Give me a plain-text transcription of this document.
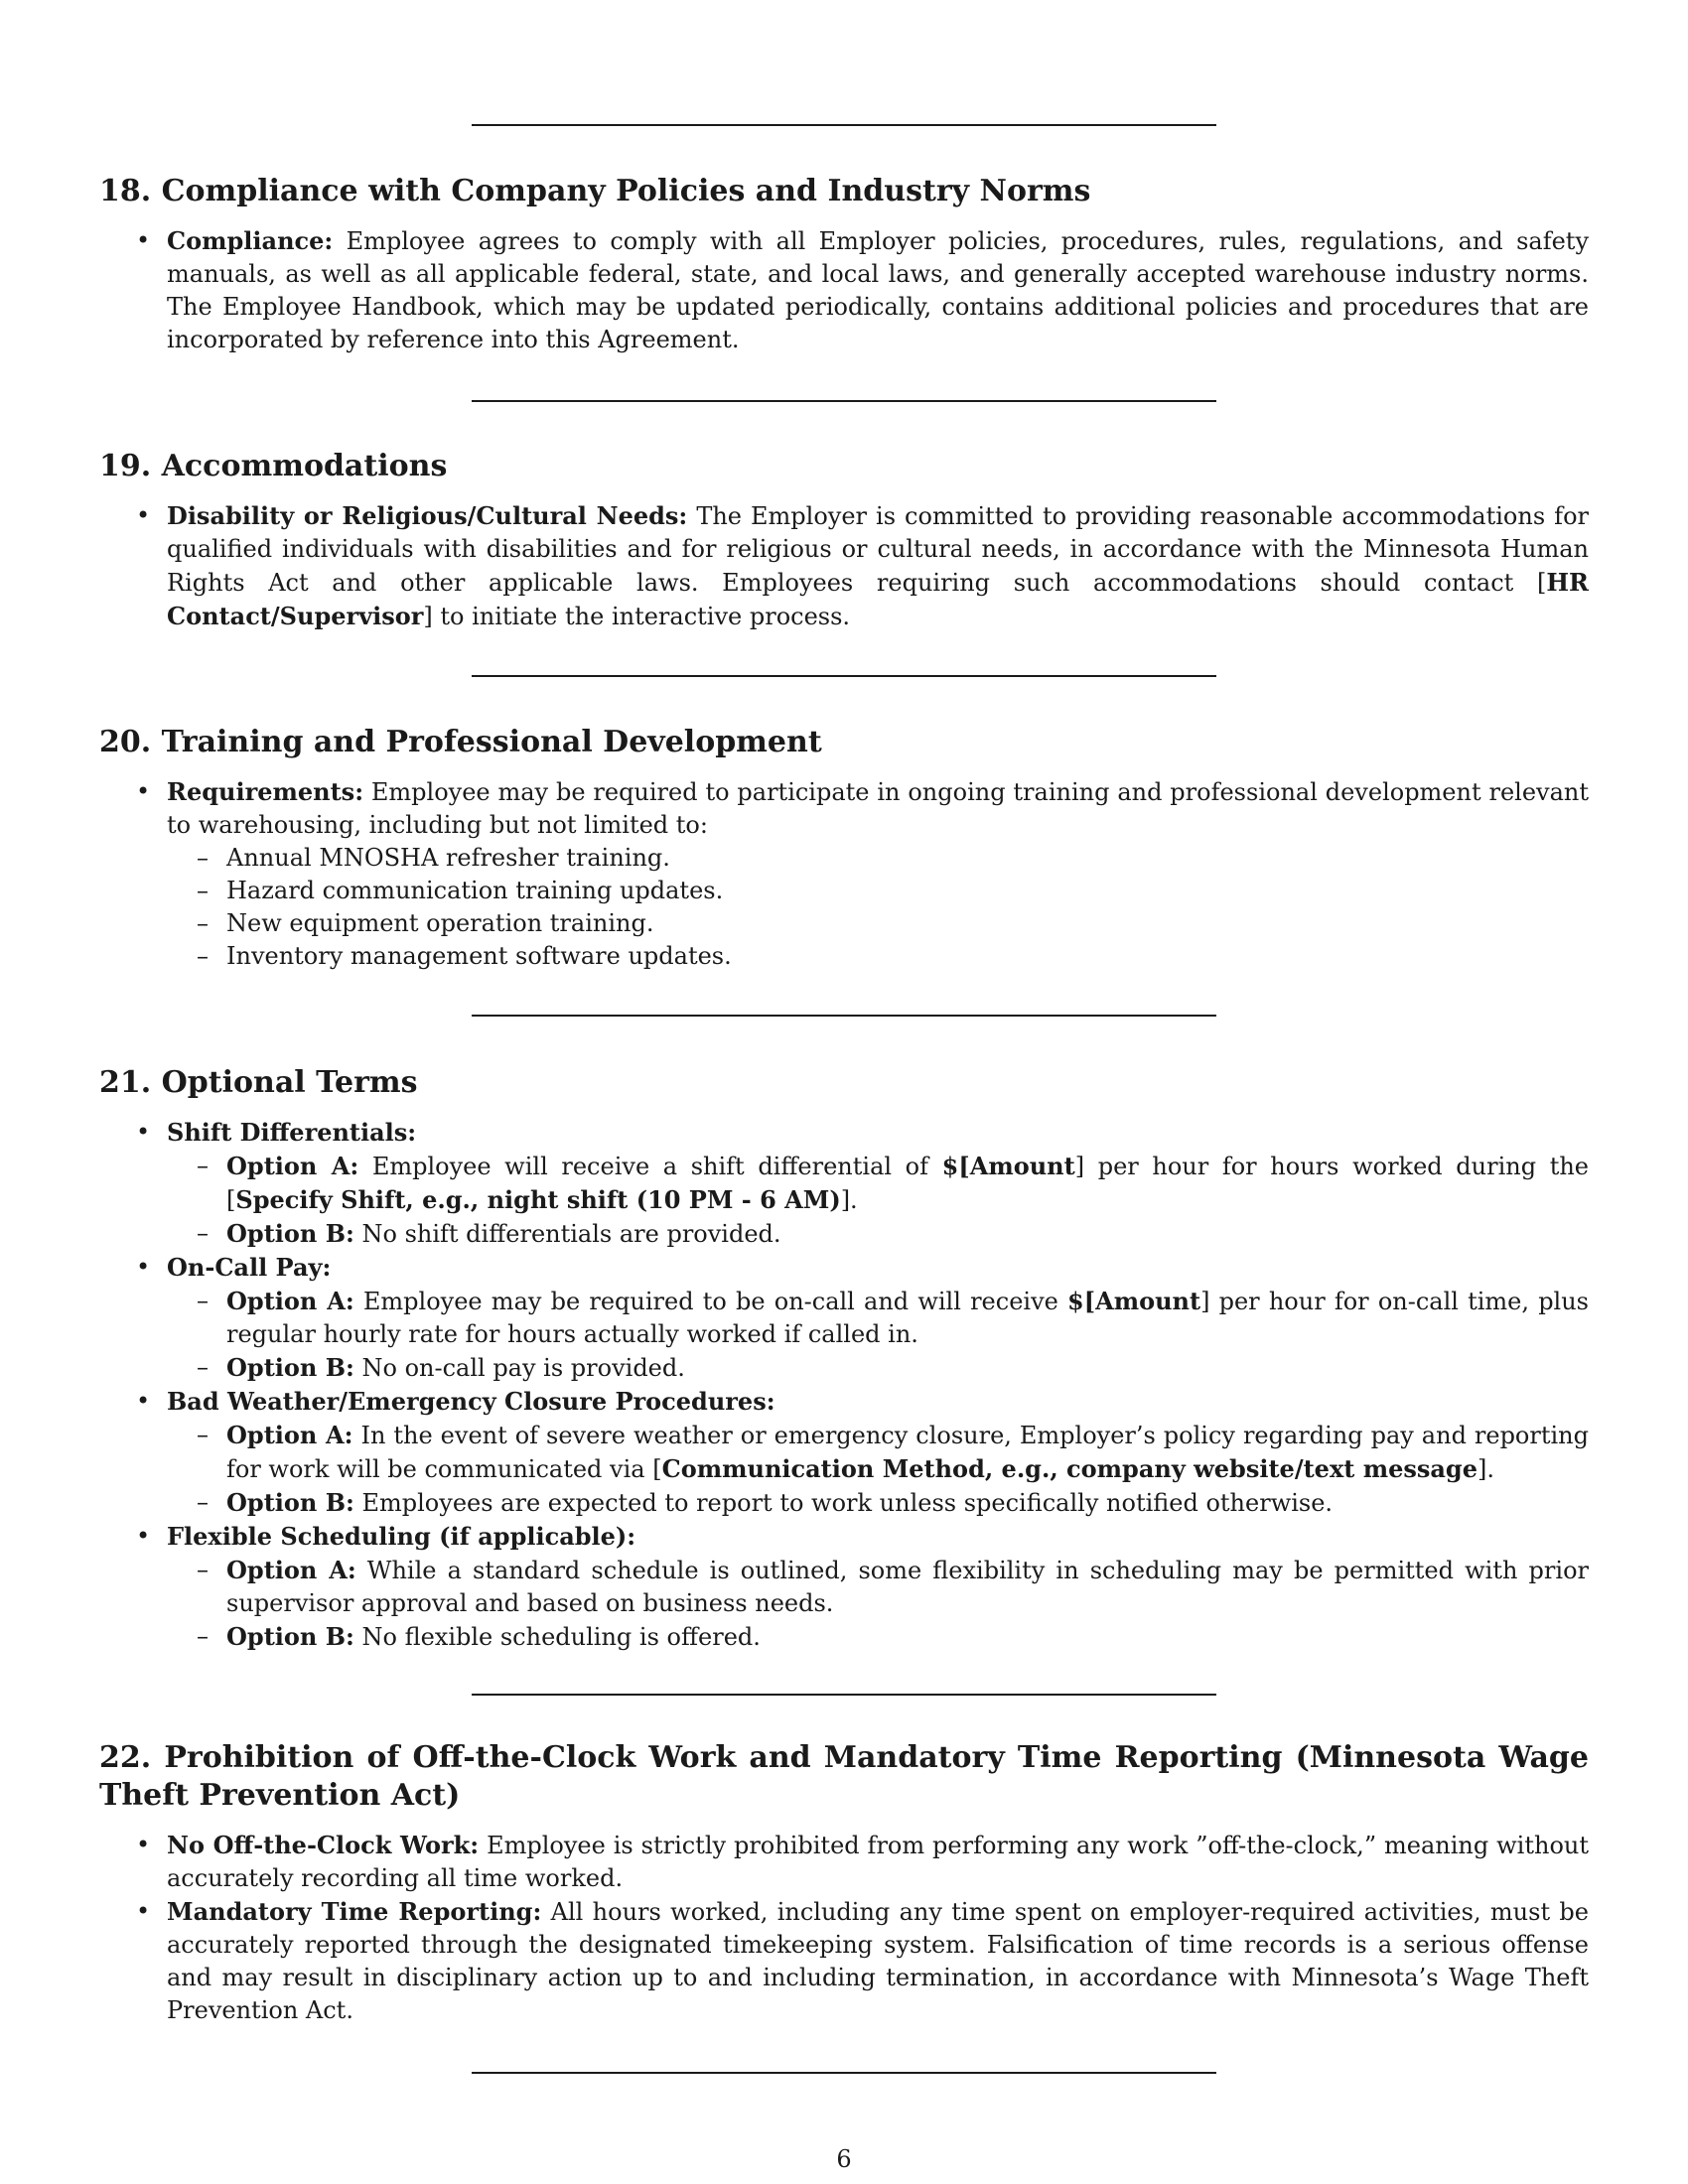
18. Compliance with Company Policies and Industry Norms
• Compliance: Employee agrees to comply with all Employer policies, procedures, rules, regulations, and safety manuals, as well as all applicable federal, state, and local laws, and generally accepted warehouse industry norms. The Employee Handbook, which may be updated periodically, contains additional policies and procedures that are incorporated by reference into this Agreement.
19. Accommodations
• Disability or Religious/Cultural Needs: The Employer is committed to providing reasonable accommodations for qualified individuals with disabilities and for religious or cultural needs, in accordance with the Minnesota Human Rights Act and other applicable laws. Employees requiring such accommodations should contact [HR Contact/Supervisor] to initiate the interactive process.
20. Training and Professional Development
• Requirements: Employee may be required to participate in ongoing training and professional development relevant to warehousing, including but not limited to:
– Annual MNOSHA refresher training.
– Hazard communication training updates.
– New equipment operation training.
– Inventory management software updates.
21. Optional Terms
• Shift Differentials:
– Option A: Employee will receive a shift differential of $[Amount] per hour for hours worked during the [Specify Shift, e.g., night shift (10 PM - 6 AM)].
– Option B: No shift differentials are provided.
• On-Call Pay:
– Option A: Employee may be required to be on-call and will receive $[Amount] per hour for on-call time, plus regular hourly rate for hours actually worked if called in.
– Option B: No on-call pay is provided.
• Bad Weather/Emergency Closure Procedures:
– Option A: In the event of severe weather or emergency closure, Employer’s policy regarding pay and reporting for work will be communicated via [Communication Method, e.g., company website/text message].
– Option B: Employees are expected to report to work unless specifically notified otherwise.
• Flexible Scheduling (if applicable):
– Option A: While a standard schedule is outlined, some flexibility in scheduling may be permitted with prior supervisor approval and based on business needs.
– Option B: No flexible scheduling is offered.
22. Prohibition of Off-the-Clock Work and Mandatory Time Reporting (Minnesota Wage Theft Prevention Act)
• No Off-the-Clock Work: Employee is strictly prohibited from performing any work ”off-the-clock,” meaning without accurately recording all time worked.
• Mandatory Time Reporting: All hours worked, including any time spent on employer-required activities, must be accurately reported through the designated timekeeping system. Falsification of time records is a serious offense and may result in disciplinary action up to and including termination, in accordance with Minnesota’s Wage Theft Prevention Act.
6
